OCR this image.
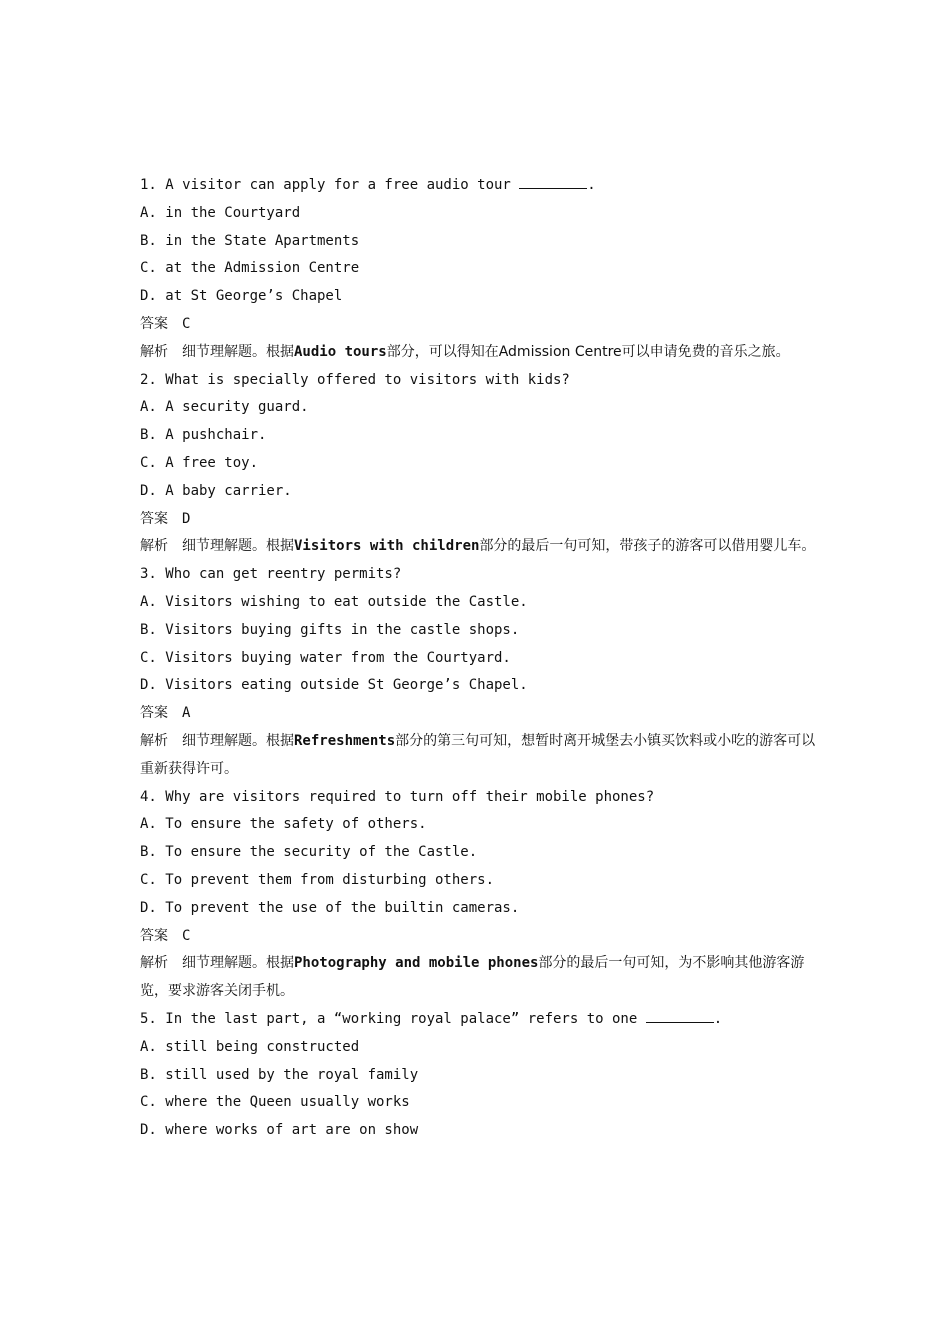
1. A visitor can apply for a free audio tour	.
A. in the Courtyard
B. in the State Apartments
C. at the Admission Centre
D. at St George’s Chapel
答案 C
解析 细节理解题。根据Audio tours部分，可以得知在Admission Centre可以申请免费的音乐之旅。
2. What is specially offered to visitors with kids?
A. A security guard.
B. A pushchair.
C. A free toy.
D. A baby carrier.
答案 D
解析 细节理解题。根据Visitors with children部分的最后一句可知，带孩子的游客可以借用婴儿车。
3. Who can get reentry permits?
A. Visitors wishing to eat outside the Castle.
B. Visitors buying gifts in the castle shops.
C. Visitors buying water from the Courtyard.
D. Visitors eating outside St George’s Chapel.
答案 A
解析 细节理解题。根据Refreshments部分的第三句可知，想暂时离开城堡去小镇买饮料或小吃的游客可以重新获得许可。
4. Why are visitors required to turn off their mobile phones?
A. To ensure the safety of others.
B. To ensure the security of the Castle.
C. To prevent them from disturbing others.
D. To prevent the use of the builtin cameras.
答案 C
解析 细节理解题。根据Photography and mobile phones部分的最后一句可知，为不影响其他游客游览，要求游客关闭手机。
5. In the last part, a “working royal palace” refers to one	.
A. still being constructed
B. still used by the royal family
C. where the Queen usually works
D. where works of art are on show
